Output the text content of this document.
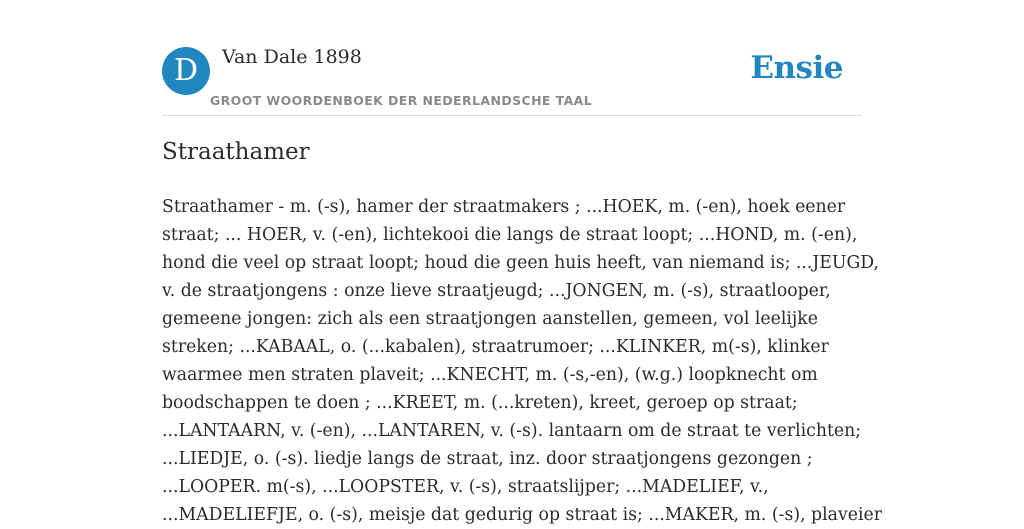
D	Van Dale 1898
GROOT WOORDENBOEK DER NEDERLANDSCHE TAAL
Ensie
Straathamer
Straathamer - m. (-s), hamer der straatmakers ; ...HOEK, m. (-en), hoek eener
straat; ... HOER, v. (-en), lichtekooi die langs de straat loopt; ...HOND, m. (-en),
hond die veel op straat loopt; houd die geen huis heeft, van niemand is; ...JEUGD,
v. de straatjongens : onze lieve straatjeugd; ...JONGEN, m. (-s), straatlooper,
gemeene jongen: zich als een straatjongen aanstellen, gemeen, vol leelijke
streken; ...KABAAL, o. (...kabalen), straatrumoer; ...KLINKER, m(-s), klinker
waarmee men straten plaveit; ...KNECHT, m. (-s,-en), (w.g.) loopknecht om
boodschappen te doen ; ...KREET, m. (...kreten), kreet, geroep op straat;
...LANTAARN, v. (-en), ...LANTAREN, v. (-s). lantaarn om de straat te verlichten;
...LIEDJE, o. (-s). liedje langs de straat, inz. door straatjongens gezongen ;
...LOOPER. m(-s), ...LOOPSTER, v. (-s), straatslijper; ...MADELIEF, v.,
...MADELIEFJE, o. (-s), meisje dat gedurig op straat is; ...MAKER, m. (-s), plaveier
